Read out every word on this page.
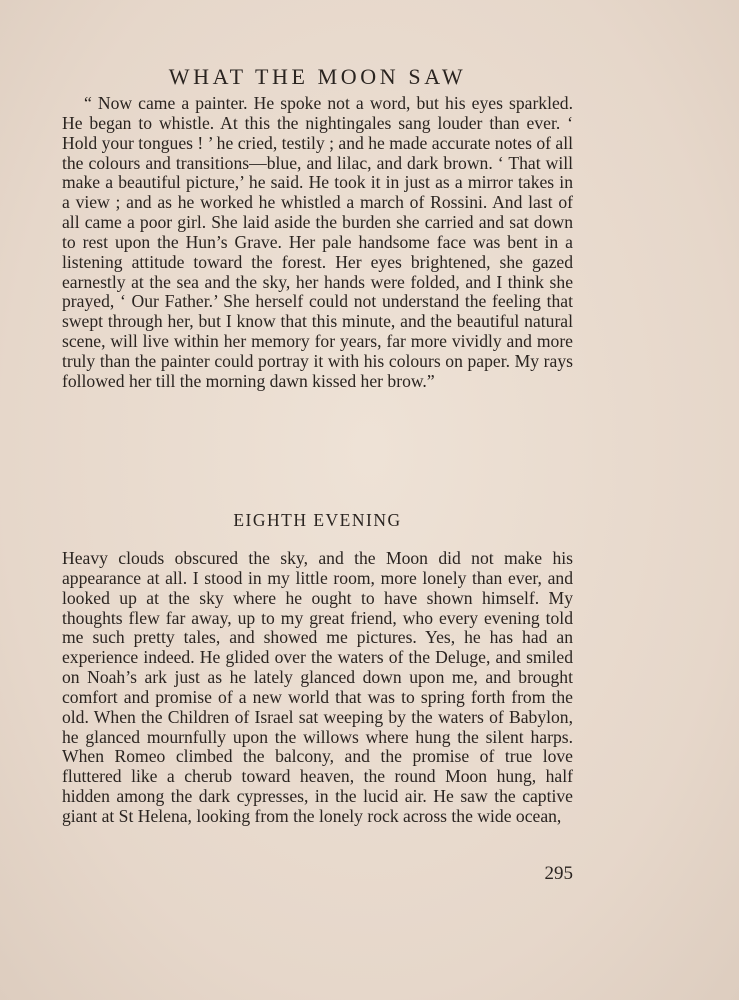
WHAT THE MOON SAW

“ Now came a painter. He spoke not a word, but his eyes sparkled. He began to whistle. At this the nightingales sang louder than ever. ‘ Hold your tongues ! ’ he cried, testily ; and he made accurate notes of all the colours and transitions—blue, and lilac, and dark brown. ‘ That will make a beautiful picture,’ he said. He took it in just as a mirror takes in a view ; and as he worked he whistled a march of Rossini. And last of all came a poor girl. She laid aside the burden she carried and sat down to rest upon the Hun’s Grave. Her pale handsome face was bent in a listening attitude toward the forest. Her eyes brightened, she gazed earnestly at the sea and the sky, her hands were folded, and I think she prayed, ‘ Our Father.’ She herself could not understand the feeling that swept through her, but I know that this minute, and the beautiful natural scene, will live within her memory for years, far more vividly and more truly than the painter could portray it with his colours on paper. My rays followed her till the morning dawn kissed her brow.”

EIGHTH EVENING

Heavy clouds obscured the sky, and the Moon did not make his appearance at all. I stood in my little room, more lonely than ever, and looked up at the sky where he ought to have shown himself. My thoughts flew far away, up to my great friend, who every evening told me such pretty tales, and showed me pictures. Yes, he has had an experience indeed. He glided over the waters of the Deluge, and smiled on Noah’s ark just as he lately glanced down upon me, and brought comfort and promise of a new world that was to spring forth from the old. When the Children of Israel sat weeping by the waters of Babylon, he glanced mournfully upon the willows where hung the silent harps. When Romeo climbed the balcony, and the promise of true love fluttered like a cherub toward heaven, the round Moon hung, half hidden among the dark cypresses, in the lucid air. He saw the captive giant at St Helena, looking from the lonely rock across the wide ocean,

295
